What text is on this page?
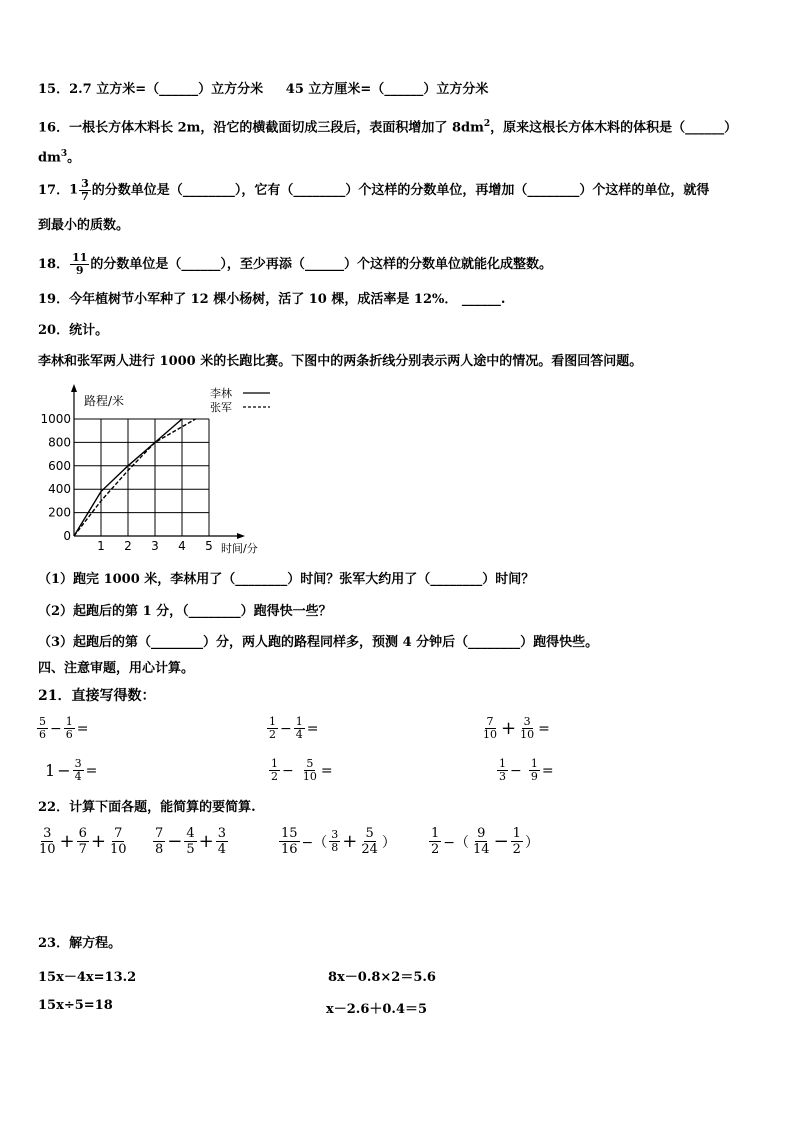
15．2.7 立方米=（______）立方分米 45 立方厘米=（______）立方分米
16．一根长方体木料长 2m，沿它的横截面切成三段后，表面积增加了 $8dm^2$，原来这根长方体木料的体积是（______）
$dm^3$。
17．$1 \frac{3}{7}$ 的分数单位是（________），它有（________）个这样的分数单位，再增加（________）个这样的单位，就得
到最小的质数。
18． $\frac{11}{9}$ 的分数单位是（______），至少再添（______）个这样的分数单位就能化成整数。
19．今年植树节小军种了 12 棵小杨树，活了 10 棵，成活率是 12%． ______.
20．统计。
李林和张军两人进行 1000 米的长跑比赛。下图中的两条折线分别表示两人途中的情况。看图回答问题。
0
200
400
600
800
1000
1 2 3 4 5
路程/米
时间/分
李林
张军
（1）跑完 1000 米，李林用了（________）时间？张军大约用了（________）时间？
（2）起跑后的第 1 分，（________）跑得快一些？
（3）起跑后的第（________）分，两人跑的路程同样多，预测 4 分钟后（________）跑得快些。
四、注意审题，用心计算。
21．直接写得数：
$\frac{5}{6} - \frac{1}{6}$ =	$\frac{1}{2} - \frac{1}{4}$ =	$\frac{7}{10} + \frac{3}{10}$ =
$1 - \frac{3}{4}$ =	$\frac{1}{2} - \frac{5}{10}$ =	$\frac{1}{3} - \frac{1}{9}$ =
22．计算下面各题，能简算的要简算.
$\frac{3}{10} + \frac{6}{7} + \frac{7}{10} \frac{7}{8} - \frac{4}{5} + \frac{3}{4}$	$\frac{15}{16}$ −（ $\frac{3}{8} + \frac{5}{24}$ ）	$\frac{1}{2}$ −（ $\frac{9}{14} - \frac{1}{2}$ ）
23．解方程。
15x－4x=13.2	8x－0.8×2＝5.6
15x÷5=18	x－2.6＋0.4＝5
